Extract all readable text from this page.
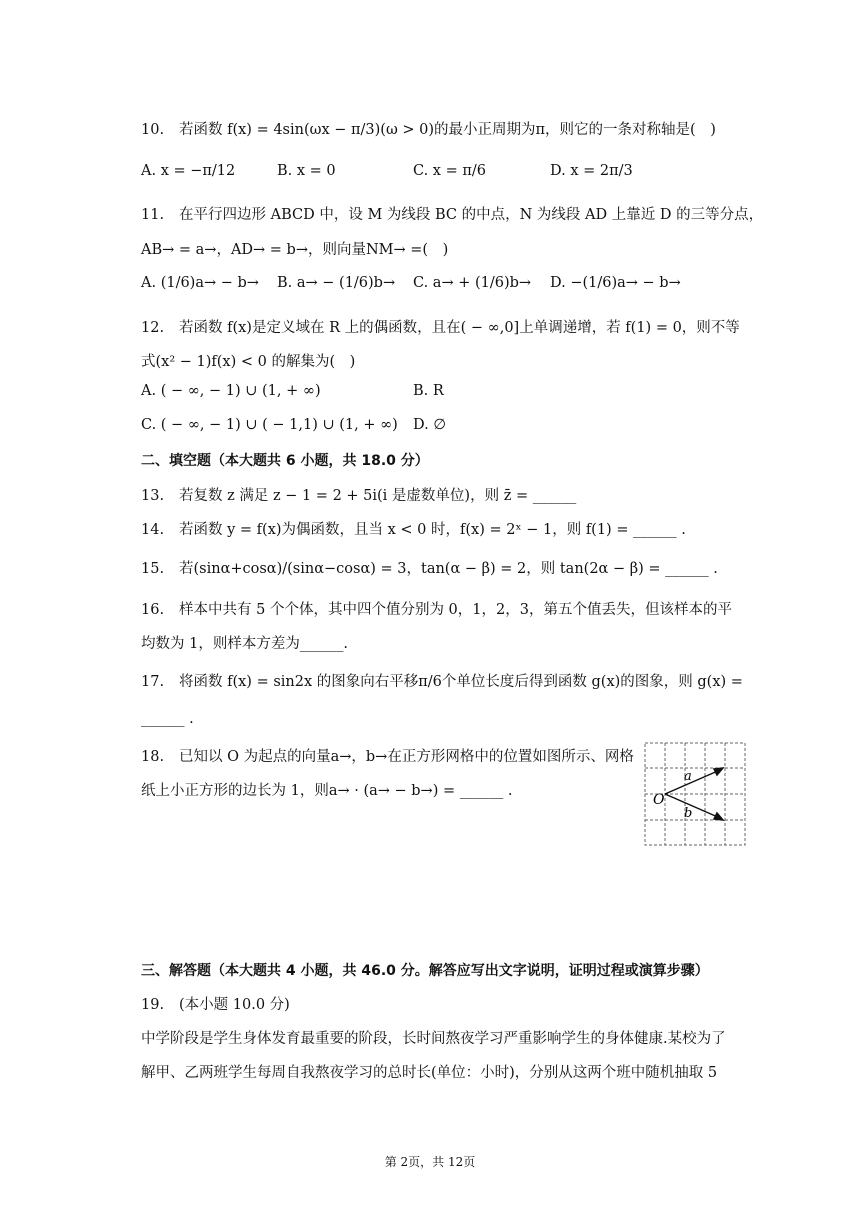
10. 若函数 f(x) = 4sin(ωx − π/3)(ω > 0)的最小正周期为π，则它的一条对称轴是(　)
A. x = −π/12	B. x = 0	C. x = π/6	D. x = 2π/3
11. 在平行四边形 ABCD 中，设 M 为线段 BC 的中点，N 为线段 AD 上靠近 D 的三等分点，
AB→ = a→，AD→ = b→，则向量NM→ =(　)
A. (1/6)a→ − b→ B. a→ − (1/6)b→ C. a→ + (1/6)b→ D. −(1/6)a→ − b→
12. 若函数 f(x)是定义域在 R 上的偶函数，且在( − ∞,0]上单调递增，若 f(1) = 0，则不等
式(x² − 1)f(x) < 0 的解集为(　)
A. ( − ∞, − 1) ∪ (1, + ∞)	B. R
C. ( − ∞, − 1) ∪ ( − 1,1) ∪ (1, + ∞) D. ∅
二、填空题（本大题共 6 小题，共 18.0 分）
13. 若复数 z 满足 z − 1 = 2 + 5i(i 是虚数单位)，则 z̄ = ______
14. 若函数 y = f(x)为偶函数，且当 x < 0 时，f(x) = 2ˣ − 1，则 f(1) = ______ .
15. 若(sinα+cosα)/(sinα−cosα) = 3，tan(α − β) = 2，则 tan(2α − β) = ______ .
16. 样本中共有 5 个个体，其中四个值分别为 0，1，2，3，第五个值丢失，但该样本的平
均数为 1，则样本方差为______.
17. 将函数 f(x) = sin2x 的图象向右平移π/6个单位长度后得到函数 g(x)的图象，则 g(x) =
______ .
18. 已知以 O 为起点的向量a→，b→在正方形网格中的位置如图所示、网格
纸上小正方形的边长为 1，则a→ · (a→ − b→) = ______ .
O
a
b
三、解答题（本大题共 4 小题，共 46.0 分。解答应写出文字说明，证明过程或演算步骤）
19. (本小题 10.0 分)
中学阶段是学生身体发育最重要的阶段，长时间熬夜学习严重影响学生的身体健康.某校为了
解甲、乙两班学生每周自我熬夜学习的总时长(单位：小时)，分别从这两个班中随机抽取 5
第 2页，共 12页
